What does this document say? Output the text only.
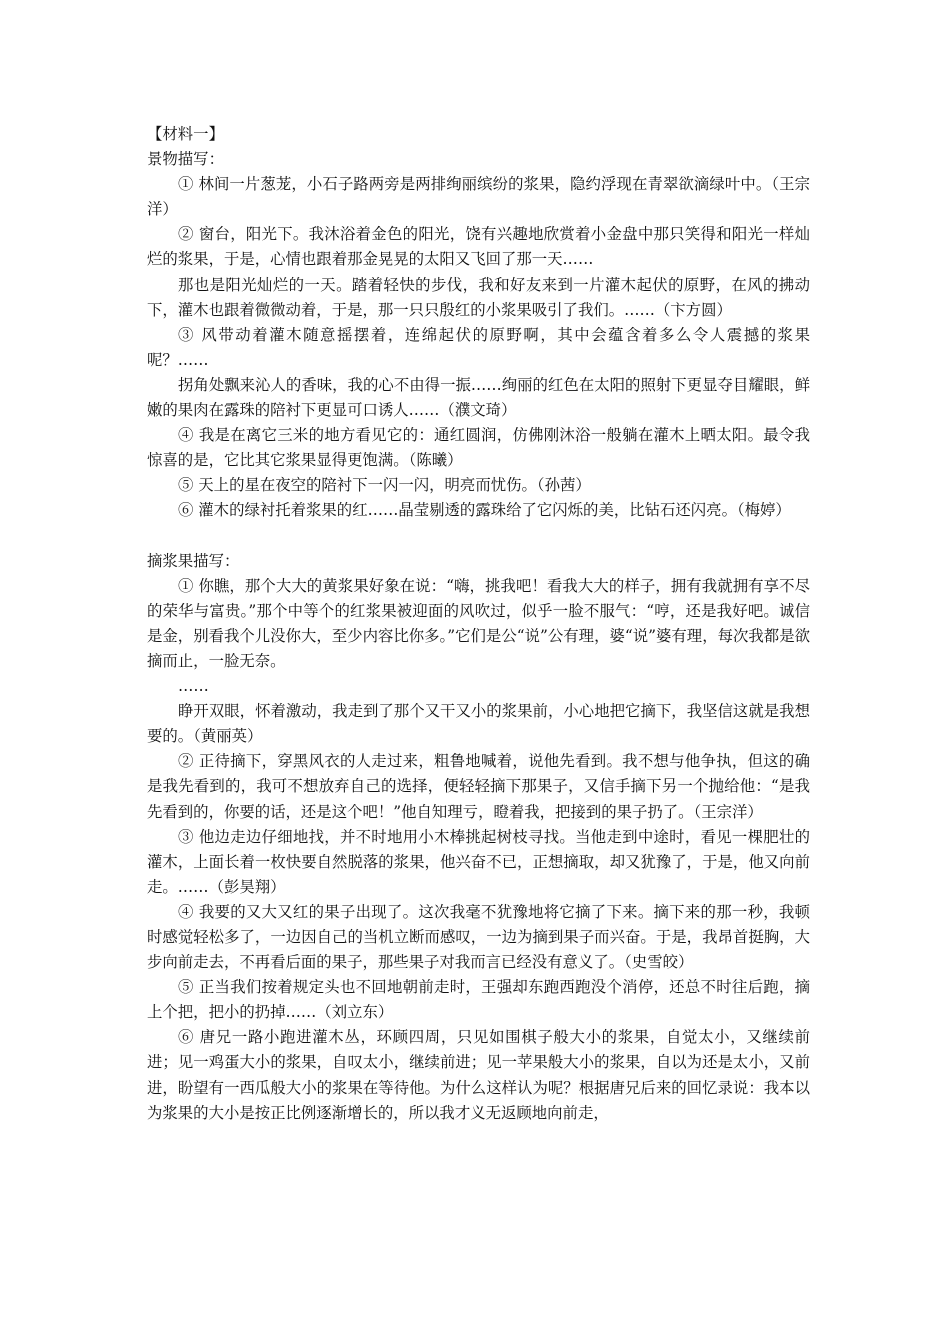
【材料一】

景物描写：

① 林间一片葱茏，小石子路两旁是两排绚丽缤纷的浆果，隐约浮现在青翠欲滴绿叶中。（王宗洋）

② 窗台，阳光下。我沐浴着金色的阳光，饶有兴趣地欣赏着小金盘中那只笑得和阳光一样灿烂的浆果，于是，心情也跟着那金晃晃的太阳又飞回了那一天……

那也是阳光灿烂的一天。踏着轻快的步伐，我和好友来到一片灌木起伏的原野，在风的拂动下，灌木也跟着微微动着，于是，那一只只殷红的小浆果吸引了我们。……（卞方圆）

③ 风带动着灌木随意摇摆着，连绵起伏的原野啊，其中会蕴含着多么令人震撼的浆果呢？……

拐角处飘来沁人的香味，我的心不由得一振……绚丽的红色在太阳的照射下更显夺目耀眼，鲜嫩的果肉在露珠的陪衬下更显可口诱人……（濮文琦）

④ 我是在离它三米的地方看见它的：通红圆润，仿佛刚沐浴一般躺在灌木上晒太阳。最令我惊喜的是，它比其它浆果显得更饱满。（陈曦）

⑤ 天上的星在夜空的陪衬下一闪一闪，明亮而忧伤。（孙茜）

⑥ 灌木的绿衬托着浆果的红……晶莹剔透的露珠给了它闪烁的美，比钻石还闪亮。（梅婷）

摘浆果描写：

① 你瞧，那个大大的黄浆果好象在说：“嗨，挑我吧！看我大大的样子，拥有我就拥有享不尽的荣华与富贵。”那个中等个的红浆果被迎面的风吹过，似乎一脸不服气：“哼，还是我好吧。诚信是金，别看我个儿没你大，至少内容比你多。”它们是公“说”公有理，婆“说”婆有理，每次我都是欲摘而止，一脸无奈。

……

睁开双眼，怀着激动，我走到了那个又干又小的浆果前，小心地把它摘下，我坚信这就是我想要的。（黄丽英）

② 正待摘下，穿黑风衣的人走过来，粗鲁地喊着，说他先看到。我不想与他争执，但这的确是我先看到的，我可不想放弃自己的选择，便轻轻摘下那果子，又信手摘下另一个抛给他：“是我先看到的，你要的话，还是这个吧！”他自知理亏，瞪着我，把接到的果子扔了。（王宗洋）

③ 他边走边仔细地找，并不时地用小木棒挑起树枝寻找。当他走到中途时，看见一棵肥壮的灌木，上面长着一枚快要自然脱落的浆果，他兴奋不已，正想摘取，却又犹豫了，于是，他又向前走。……（彭昊翔）

④ 我要的又大又红的果子出现了。这次我毫不犹豫地将它摘了下来。摘下来的那一秒，我顿时感觉轻松多了，一边因自己的当机立断而感叹，一边为摘到果子而兴奋。于是，我昂首挺胸，大步向前走去，不再看后面的果子，那些果子对我而言已经没有意义了。（史雪皎）

⑤ 正当我们按着规定头也不回地朝前走时，王强却东跑西跑没个消停，还总不时往后跑，摘上个把，把小的扔掉……（刘立东）

⑥ 唐兄一路小跑进灌木丛，环顾四周，只见如围棋子般大小的浆果，自觉太小，又继续前进；见一鸡蛋大小的浆果，自叹太小，继续前进；见一苹果般大小的浆果，自以为还是太小，又前进，盼望有一西瓜般大小的浆果在等待他。为什么这样认为呢？根据唐兄后来的回忆录说：我本以为浆果的大小是按正比例逐渐增长的，所以我才义无返顾地向前走，
